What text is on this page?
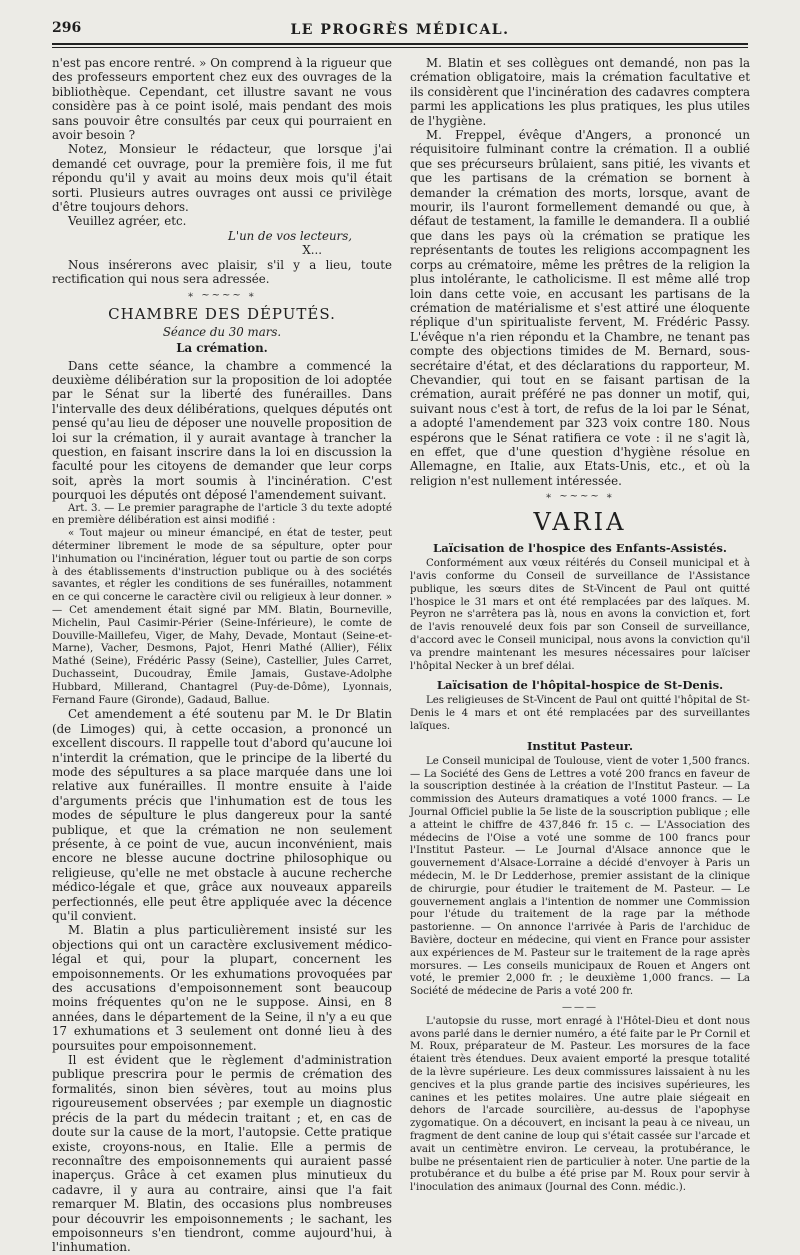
296	LE PROGRÈS MÉDICAL.

n'est pas encore rentré. » On comprend à la rigueur que des professeurs emportent chez eux des ouvrages de la bibliothèque. Cependant, cet illustre savant ne vous considère pas à ce point isolé, mais pendant des mois sans pouvoir être consultés par ceux qui pourraient en avoir besoin ?

Notez, Monsieur le rédacteur, que lorsque j'ai demandé cet ouvrage, pour la première fois, il me fut répondu qu'il y avait au moins deux mois qu'il était sorti. Plusieurs autres ouvrages ont aussi ce privilège d'être toujours dehors.

Veuillez agréer, etc.

L'un de vos lecteurs,

X...

Nous insérerons avec plaisir, s'il y a lieu, toute rectification qui nous sera adressée.

∗ ~~~~ ∗
CHAMBRE DES DÉPUTÉS.
Séance du 30 mars.
La crémation.

Dans cette séance, la chambre a commencé la deuxième délibération sur la proposition de loi adoptée par le Sénat sur la liberté des funérailles. Dans l'intervalle des deux délibérations, quelques députés ont pensé qu'au lieu de déposer une nouvelle proposition de loi sur la crémation, il y aurait avantage à trancher la question, en faisant inscrire dans la loi en discussion la faculté pour les citoyens de demander que leur corps soit, après la mort soumis à l'incinération. C'est pourquoi les députés ont déposé l'amendement suivant.

Art. 3. — Le premier paragraphe de l'article 3 du texte adopté en première délibération est ainsi modifié :

« Tout majeur ou mineur émancipé, en état de tester, peut déterminer librement le mode de sa sépulture, opter pour l'inhumation ou l'incinération, léguer tout ou partie de son corps à des établissements d'instruction publique ou à des sociétés savantes, et régler les conditions de ses funérailles, notamment en ce qui concerne le caractère civil ou religieux à leur donner. » — Cet amendement était signé par MM. Blatin, Bourneville, Michelin, Paul Casimir-Périer (Seine-Inférieure), le comte de Douville-Maillefeu, Viger, de Mahy, Devade, Montaut (Seine-et-Marne), Vacher, Desmons, Pajot, Henri Mathé (Allier), Félix Mathé (Seine), Frédéric Passy (Seine), Castellier, Jules Carret, Duchasseint, Ducoudray, Émile Jamais, Gustave-Adolphe Hubbard, Millerand, Chantagrel (Puy-de-Dôme), Lyonnais, Fernand Faure (Gironde), Gadaud, Ballue.

Cet amendement a été soutenu par M. le Dr Blatin (de Limoges) qui, à cette occasion, a prononcé un excellent discours. Il rappelle tout d'abord qu'aucune loi n'interdit la crémation, que le principe de la liberté du mode des sépultures a sa place marquée dans une loi relative aux funérailles. Il montre ensuite à l'aide d'arguments précis que l'inhumation est de tous les modes de sépulture le plus dangereux pour la santé publique, et que la crémation ne non seulement présente, à ce point de vue, aucun inconvénient, mais encore ne blesse aucune doctrine philosophique ou religieuse, qu'elle ne met obstacle à aucune recherche médico-légale et que, grâce aux nouveaux appareils perfectionnés, elle peut être appliquée avec la décence qu'il convient.

M. Blatin a plus particulièrement insisté sur les objections qui ont un caractère exclusivement médico-légal et qui, pour la plupart, concernent les empoisonnements. Or les exhumations provoquées par des accusations d'empoisonnement sont beaucoup moins fréquentes qu'on ne le suppose. Ainsi, en 8 années, dans le département de la Seine, il n'y a eu que 17 exhumations et 3 seulement ont donné lieu à des poursuites pour empoisonnement.

Il est évident que le règlement d'administration publique prescrira pour le permis de crémation des formalités, sinon bien sévères, tout au moins plus rigoureusement observées ; par exemple un diagnostic précis de la part du médecin traitant ; et, en cas de doute sur la cause de la mort, l'autopsie. Cette pratique existe, croyons-nous, en Italie. Elle a permis de reconnaître des empoisonnements qui auraient passé inaperçus. Grâce à cet examen plus minutieux du cadavre, il y aura au contraire, ainsi que l'a fait remarquer M. Blatin, des occasions plus nombreuses pour découvrir les empoisonnements ; le sachant, les empoisonneurs s'en tiendront, comme aujourd'hui, à l'inhumation.

M. Blatin et ses collègues ont demandé, non pas la crémation obligatoire, mais la crémation facultative et ils considèrent que l'incinération des cadavres comptera parmi les applications les plus pratiques, les plus utiles de l'hygiène.

M. Freppel, évêque d'Angers, a prononcé un réquisitoire fulminant contre la crémation. Il a oublié que ses précurseurs brûlaient, sans pitié, les vivants et que les partisans de la crémation se bornent à demander la crémation des morts, lorsque, avant de mourir, ils l'auront formellement demandé ou que, à défaut de testament, la famille le demandera. Il a oublié que dans les pays où la crémation se pratique les représentants de toutes les religions accompagnent les corps au crématoire, même les prêtres de la religion la plus intolérante, le catholicisme. Il est même allé trop loin dans cette voie, en accusant les partisans de la crémation de matérialisme et s'est attiré une éloquente réplique d'un spiritualiste fervent, M. Frédéric Passy. L'évêque n'a rien répondu et la Chambre, ne tenant pas compte des objections timides de M. Bernard, sous-secrétaire d'état, et des déclarations du rapporteur, M. Chevandier, qui tout en se faisant partisan de la crémation, aurait préféré ne pas donner un motif, qui, suivant nous c'est à tort, de refus de la loi par le Sénat, a adopté l'amendement par 323 voix contre 180. Nous espérons que le Sénat ratifiera ce vote : il ne s'agit là, en effet, que d'une question d'hygiène résolue en Allemagne, en Italie, aux Etats-Unis, etc., et où la religion n'est nullement intéressée.

∗ ~~~~ ∗
VARIA
Laïcisation de l'hospice des Enfants-Assistés.

Conformément aux vœux réitérés du Conseil municipal et à l'avis conforme du Conseil de surveillance de l'Assistance publique, les sœurs dites de St-Vincent de Paul ont quitté l'hospice le 31 mars et ont été remplacées par des laïques. M. Peyron ne s'arrêtera pas là, nous en avons la conviction et, fort de l'avis renouvelé deux fois par son Conseil de surveillance, d'accord avec le Conseil municipal, nous avons la conviction qu'il va prendre maintenant les mesures nécessaires pour laïciser l'hôpital Necker à un bref délai.

Laïcisation de l'hôpital-hospice de St-Denis.

Les religieuses de St-Vincent de Paul ont quitté l'hôpital de St-Denis le 4 mars et ont été remplacées par des surveillantes laïques.

Institut Pasteur.

Le Conseil municipal de Toulouse, vient de voter 1,500 francs. — La Société des Gens de Lettres a voté 200 francs en faveur de la souscription destinée à la création de l'Institut Pasteur. — La commission des Auteurs dramatiques a voté 1000 francs. — Le Journal Officiel publie la 5e liste de la souscription publique ; elle a atteint le chiffre de 437,846 fr. 15 c. — L'Association des médecins de l'Oise a voté une somme de 100 francs pour l'Institut Pasteur. — Le Journal d'Alsace annonce que le gouvernement d'Alsace-Lorraine a décidé d'envoyer à Paris un médecin, M. le Dr Ledderhose, premier assistant de la clinique de chirurgie, pour étudier le traitement de M. Pasteur. — Le gouvernement anglais a l'intention de nommer une Commission pour l'étude du traitement de la rage par la méthode pastorienne. — On annonce l'arrivée à Paris de l'archiduc de Bavière, docteur en médecine, qui vient en France pour assister aux expériences de M. Pasteur sur le traitement de la rage après morsures. — Les conseils municipaux de Rouen et Angers ont voté, le premier 2,000 fr. ; le deuxième 1,000 francs. — La Société de médecine de Paris a voté 200 fr.

———

L'autopsie du russe, mort enragé à l'Hôtel-Dieu et dont nous avons parlé dans le dernier numéro, a été faite par le Pr Cornil et M. Roux, préparateur de M. Pasteur. Les morsures de la face étaient très étendues. Deux avaient emporté la presque totalité de la lèvre supérieure. Les deux commissures laissaient à nu les gencives et la plus grande partie des incisives supérieures, les canines et les petites molaires. Une autre plaie siégeait en dehors de l'arcade sourcilière, au-dessus de l'apophyse zygomatique. On a découvert, en incisant la peau à ce niveau, un fragment de dent canine de loup qui s'était cassée sur l'arcade et avait un centimètre environ. Le cerveau, la protubérance, le bulbe ne présentaient rien de particulier à noter. Une partie de la protubérance et du bulbe a été prise par M. Roux pour servir à l'inoculation des animaux (Journal des Conn. médic.).
